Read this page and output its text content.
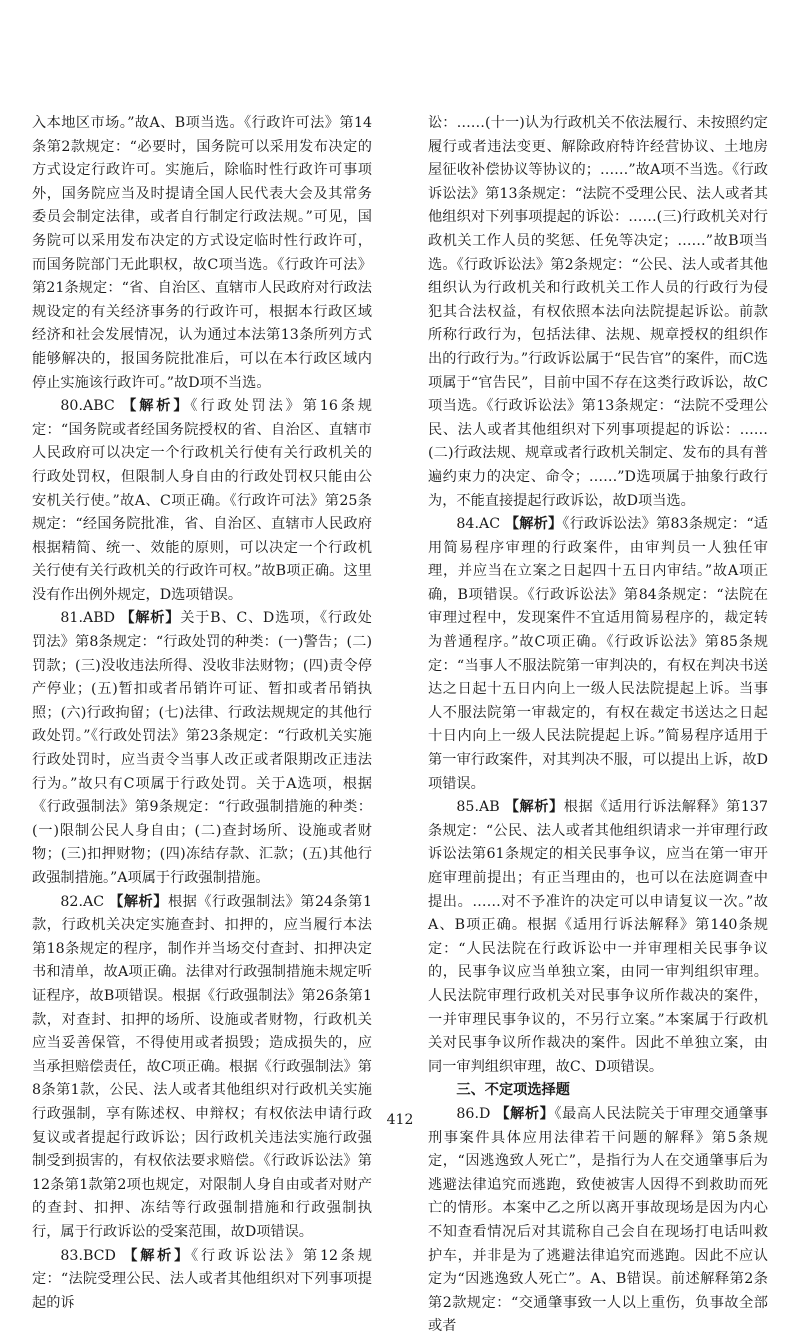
入本地区市场。”故A、B项当选。《行政许可法》第14条第2款规定：“必要时，国务院可以采用发布决定的方式设定行政许可。实施后，除临时性行政许可事项外，国务院应当及时提请全国人民代表大会及其常务委员会制定法律，或者自行制定行政法规。”可见，国务院可以采用发布决定的方式设定临时性行政许可，而国务院部门无此职权，故C项当选。《行政许可法》第21条规定：“省、自治区、直辖市人民政府对行政法规设定的有关经济事务的行政许可，根据本行政区域经济和社会发展情况，认为通过本法第13条所列方式能够解决的，报国务院批准后，可以在本行政区域内停止实施该行政许可。”故D项不当选。

80.ABC 【解析】《行政处罚法》第16条规定：“国务院或者经国务院授权的省、自治区、直辖市人民政府可以决定一个行政机关行使有关行政机关的行政处罚权，但限制人身自由的行政处罚权只能由公安机关行使。”故A、C项正确。《行政许可法》第25条规定：“经国务院批准，省、自治区、直辖市人民政府根据精简、统一、效能的原则，可以决定一个行政机关行使有关行政机关的行政许可权。”故B项正确。这里没有作出例外规定，D选项错误。

81.ABD 【解析】关于B、C、D选项，《行政处罚法》第8条规定：“行政处罚的种类：(一)警告；(二)罚款；(三)没收违法所得、没收非法财物；(四)责令停产停业；(五)暂扣或者吊销许可证、暂扣或者吊销执照；(六)行政拘留；(七)法律、行政法规规定的其他行政处罚。”《行政处罚法》第23条规定：“行政机关实施行政处罚时，应当责令当事人改正或者限期改正违法行为。”故只有C项属于行政处罚。关于A选项，根据《行政强制法》第9条规定：“行政强制措施的种类：(一)限制公民人身自由；(二)查封场所、设施或者财物；(三)扣押财物；(四)冻结存款、汇款；(五)其他行政强制措施。”A项属于行政强制措施。

82.AC 【解析】根据《行政强制法》第24条第1款，行政机关决定实施查封、扣押的，应当履行本法第18条规定的程序，制作并当场交付查封、扣押决定书和清单，故A项正确。法律对行政强制措施未规定听证程序，故B项错误。根据《行政强制法》第26条第1款，对查封、扣押的场所、设施或者财物，行政机关应当妥善保管，不得使用或者损毁；造成损失的，应当承担赔偿责任，故C项正确。根据《行政强制法》第8条第1款，公民、法人或者其他组织对行政机关实施行政强制，享有陈述权、申辩权；有权依法申请行政复议或者提起行政诉讼；因行政机关违法实施行政强制受到损害的，有权依法要求赔偿。《行政诉讼法》第12条第1款第2项也规定，对限制人身自由或者对财产的查封、扣押、冻结等行政强制措施和行政强制执行，属于行政诉讼的受案范围，故D项错误。

83.BCD 【解析】《行政诉讼法》第12条规定：“法院受理公民、法人或者其他组织对下列事项提起的诉

讼：……(十一)认为行政机关不依法履行、未按照约定履行或者违法变更、解除政府特许经营协议、土地房屋征收补偿协议等协议的；……”故A项不当选。《行政诉讼法》第13条规定：“法院不受理公民、法人或者其他组织对下列事项提起的诉讼：……(三)行政机关对行政机关工作人员的奖惩、任免等决定；……”故B项当选。《行政诉讼法》第2条规定：“公民、法人或者其他组织认为行政机关和行政机关工作人员的行政行为侵犯其合法权益，有权依照本法向法院提起诉讼。前款所称行政行为，包括法律、法规、规章授权的组织作出的行政行为。”行政诉讼属于“民告官”的案件，而C选项属于“官告民”，目前中国不存在这类行政诉讼，故C项当选。《行政诉讼法》第13条规定：“法院不受理公民、法人或者其他组织对下列事项提起的诉讼：……(二)行政法规、规章或者行政机关制定、发布的具有普遍约束力的决定、命令；……”D选项属于抽象行政行为，不能直接提起行政诉讼，故D项当选。

84.AC 【解析】《行政诉讼法》第83条规定：“适用简易程序审理的行政案件，由审判员一人独任审理，并应当在立案之日起四十五日内审结。”故A项正确，B项错误。《行政诉讼法》第84条规定：“法院在审理过程中，发现案件不宜适用简易程序的，裁定转为普通程序。”故C项正确。《行政诉讼法》第85条规定：“当事人不服法院第一审判决的，有权在判决书送达之日起十五日内向上一级人民法院提起上诉。当事人不服法院第一审裁定的，有权在裁定书送达之日起十日内向上一级人民法院提起上诉。”简易程序适用于第一审行政案件，对其判决不服，可以提出上诉，故D项错误。

85.AB 【解析】根据《适用行诉法解释》第137条规定：“公民、法人或者其他组织请求一并审理行政诉讼法第61条规定的相关民事争议，应当在第一审开庭审理前提出；有正当理由的，也可以在法庭调查中提出。……对不予准许的决定可以申请复议一次。”故A、B项正确。根据《适用行诉法解释》第140条规定：“人民法院在行政诉讼中一并审理相关民事争议的，民事争议应当单独立案，由同一审判组织审理。人民法院审理行政机关对民事争议所作裁决的案件，一并审理民事争议的，不另行立案。”本案属于行政机关对民事争议所作裁决的案件。因此不单独立案，由同一审判组织审理，故C、D项错误。

三、不定项选择题

86.D 【解析】《最高人民法院关于审理交通肇事刑事案件具体应用法律若干问题的解释》第5条规定，“因逃逸致人死亡”，是指行为人在交通肇事后为逃避法律追究而逃跑，致使被害人因得不到救助而死亡的情形。本案中乙之所以离开事故现场是因为内心不知查看情况后对其谎称自己会自在现场打电话叫救护车，并非是为了逃避法律追究而逃跑。因此不应认定为“因逃逸致人死亡”。A、B错误。前述解释第2条第2款规定：“交通肇事致一人以上重伤，负事故全部或者

412
